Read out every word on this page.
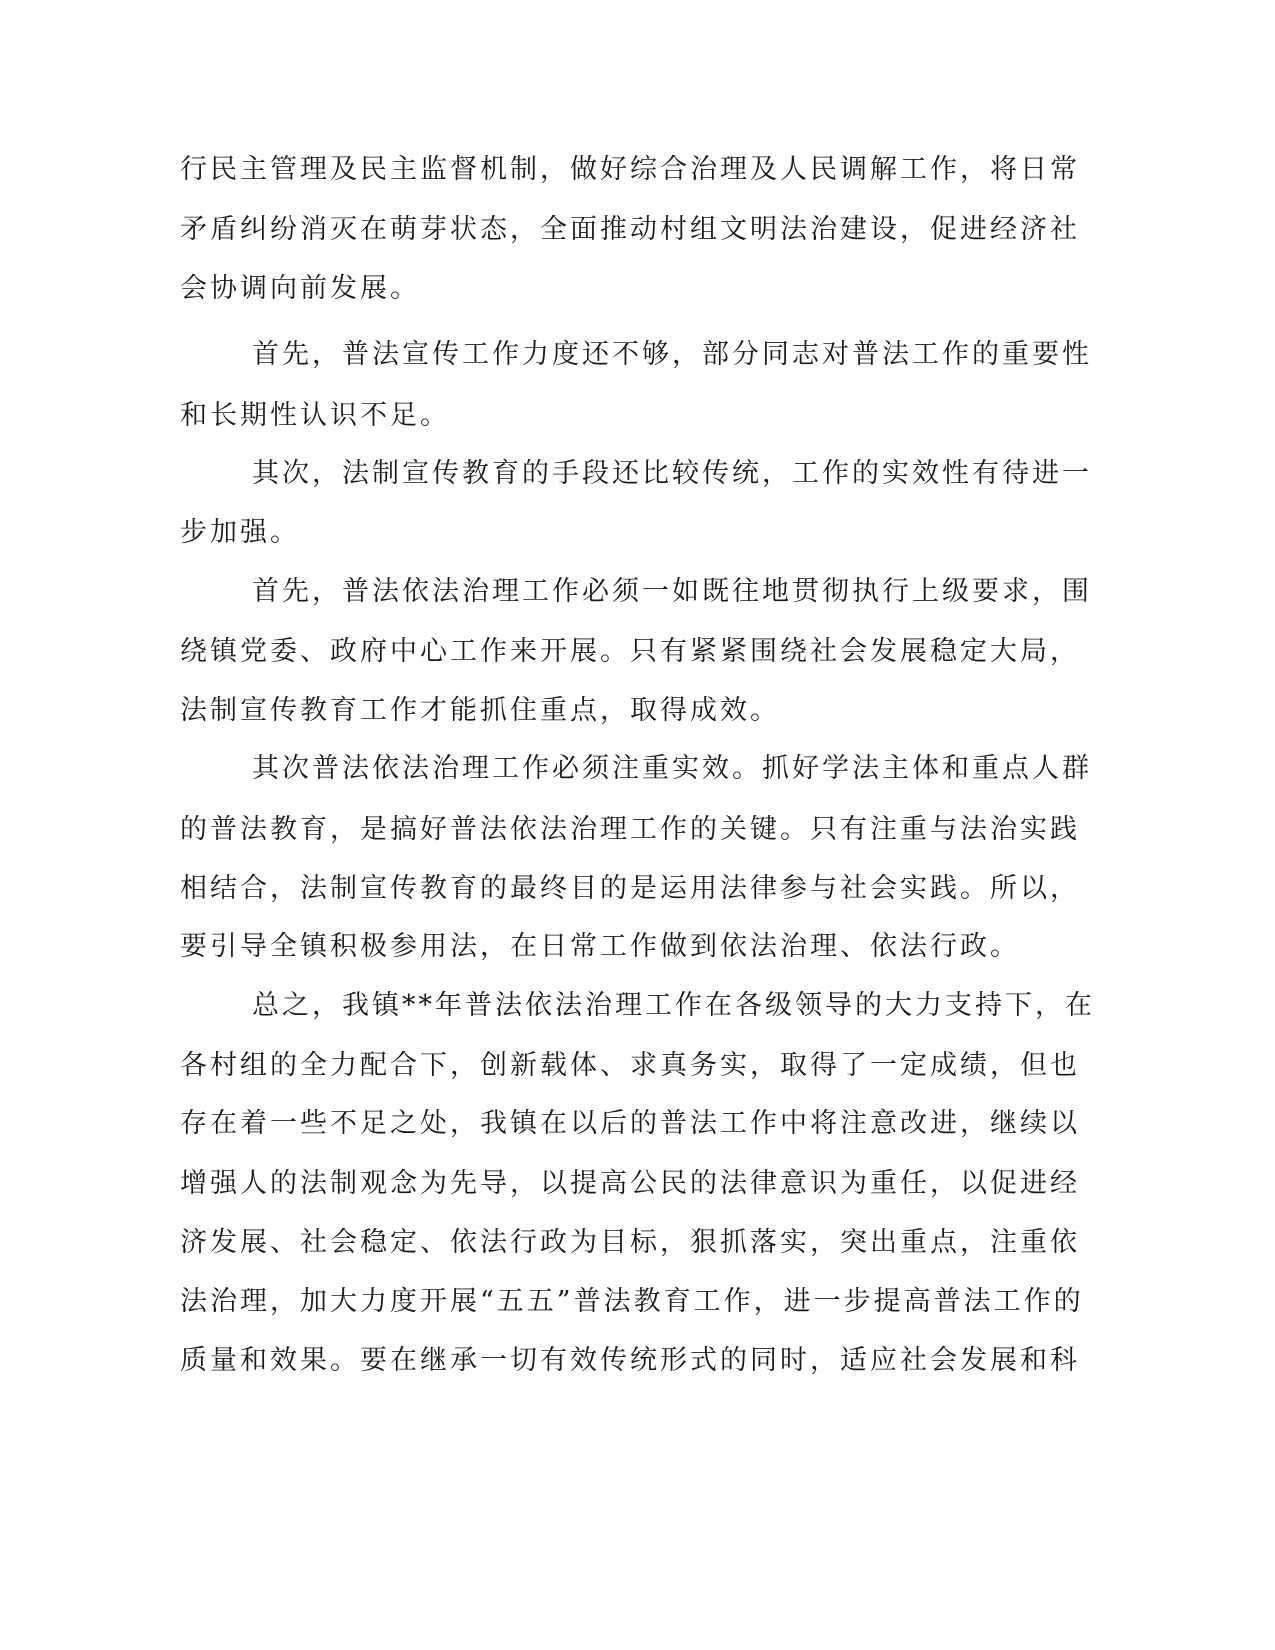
行民主管理及民主监督机制，做好综合治理及人民调解工作，将日常
矛盾纠纷消灭在萌芽状态，全面推动村组文明法治建设，促进经济社
会协调向前发展。
首先，普法宣传工作力度还不够，部分同志对普法工作的重要性
和长期性认识不足。
其次，法制宣传教育的手段还比较传统，工作的实效性有待进一
步加强。
首先，普法依法治理工作必须一如既往地贯彻执行上级要求，围
绕镇党委、政府中心工作来开展。只有紧紧围绕社会发展稳定大局，
法制宣传教育工作才能抓住重点，取得成效。
其次普法依法治理工作必须注重实效。抓好学法主体和重点人群
的普法教育，是搞好普法依法治理工作的关键。只有注重与法治实践
相结合，法制宣传教育的最终目的是运用法律参与社会实践。所以，
要引导全镇积极参用法，在日常工作做到依法治理、依法行政。
总之，我镇**年普法依法治理工作在各级领导的大力支持下，在
各村组的全力配合下，创新载体、求真务实，取得了一定成绩，但也
存在着一些不足之处，我镇在以后的普法工作中将注意改进，继续以
增强人的法制观念为先导，以提高公民的法律意识为重任，以促进经
济发展、社会稳定、依法行政为目标，狠抓落实，突出重点，注重依
法治理，加大力度开展“五五”普法教育工作，进一步提高普法工作的
质量和效果。要在继承一切有效传统形式的同时，适应社会发展和科
